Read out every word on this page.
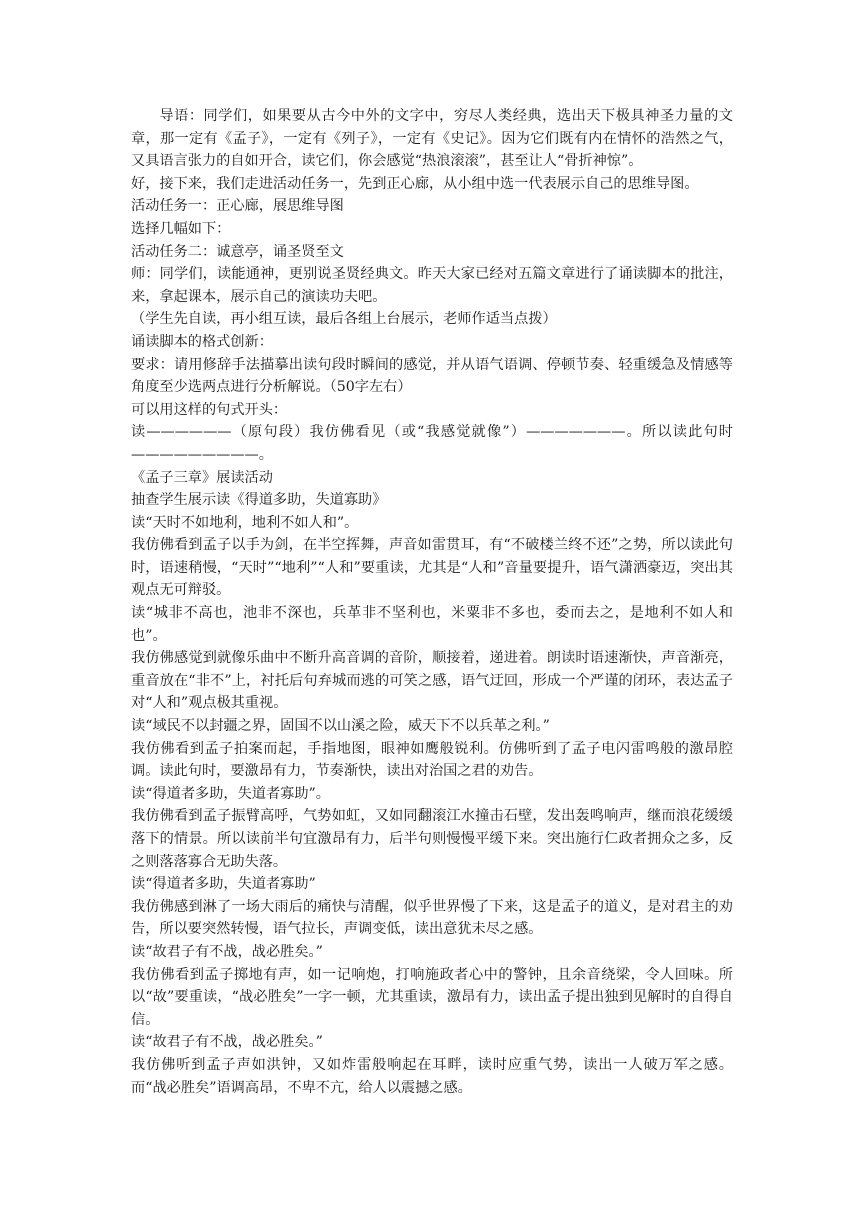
导语：同学们，如果要从古今中外的文字中，穷尽人类经典，选出天下极具神圣力量的文章，那一定有《孟子》，一定有《列子》，一定有《史记》。因为它们既有内在情怀的浩然之气，又具语言张力的自如开合，读它们，你会感觉“热浪滚滚”，甚至让人“骨折神惊”。

好，接下来，我们走进活动任务一，先到正心廊，从小组中选一代表展示自己的思维导图。

活动任务一：正心廊，展思维导图

选择几幅如下：

活动任务二：诚意亭，诵圣贤至文

师：同学们，读能通神，更别说圣贤经典文。昨天大家已经对五篇文章进行了诵读脚本的批注，来，拿起课本，展示自己的演读功夫吧。

（学生先自读，再小组互读，最后各组上台展示，老师作适当点拨）

诵读脚本的格式创新：

要求：请用修辞手法描摹出读句段时瞬间的感觉，并从语气语调、停顿节奏、轻重缓急及情感等角度至少选两点进行分析解说。（50字左右）

可以用这样的句式开头：

读——————（原句段）我仿佛看见（或“我感觉就像”）———————。所以读此句时—————————。

《孟子三章》展读活动

抽查学生展示读《得道多助，失道寡助》

读“天时不如地利，地利不如人和”。

我仿佛看到孟子以手为剑，在半空挥舞，声音如雷贯耳，有“不破楼兰终不还”之势，所以读此句时，语速稍慢，“天时”“地利”“人和”要重读，尤其是“人和”音量要提升，语气潇洒豪迈，突出其观点无可辩驳。

读“城非不高也，池非不深也，兵革非不坚利也，米粟非不多也，委而去之，是地利不如人和也”。

我仿佛感觉到就像乐曲中不断升高音调的音阶，顺接着，递进着。朗读时语速渐快，声音渐亮，重音放在“非不”上，衬托后句弃城而逃的可笑之感，语气迂回，形成一个严谨的闭环，表达孟子对“人和”观点极其重视。

读“域民不以封疆之界，固国不以山溪之险，威天下不以兵革之利。”

我仿佛看到孟子拍案而起，手指地图，眼神如鹰般锐利。仿佛听到了孟子电闪雷鸣般的激昂腔调。读此句时，要激昂有力，节奏渐快，读出对治国之君的劝告。

读“得道者多助，失道者寡助”。

我仿佛看到孟子振臂高呼，气势如虹，又如同翻滚江水撞击石壁，发出轰鸣响声，继而浪花缓缓落下的情景。所以读前半句宜激昂有力，后半句则慢慢平缓下来。突出施行仁政者拥众之多，反之则落落寡合无助失落。

读“得道者多助，失道者寡助”

我仿佛感到淋了一场大雨后的痛快与清醒，似乎世界慢了下来，这是孟子的道义，是对君主的劝告，所以要突然转慢，语气拉长，声调变低，读出意犹未尽之感。

读“故君子有不战，战必胜矣。”

我仿佛看到孟子掷地有声，如一记响炮，打响施政者心中的警钟，且余音绕梁，令人回味。所以“故”要重读，“战必胜矣”一字一顿，尤其重读，激昂有力，读出孟子提出独到见解时的自得自信。

读“故君子有不战，战必胜矣。”

我仿佛听到孟子声如洪钟，又如炸雷般响起在耳畔，读时应重气势，读出一人破万军之感。而“战必胜矣”语调高昂，不卑不亢，给人以震撼之感。
